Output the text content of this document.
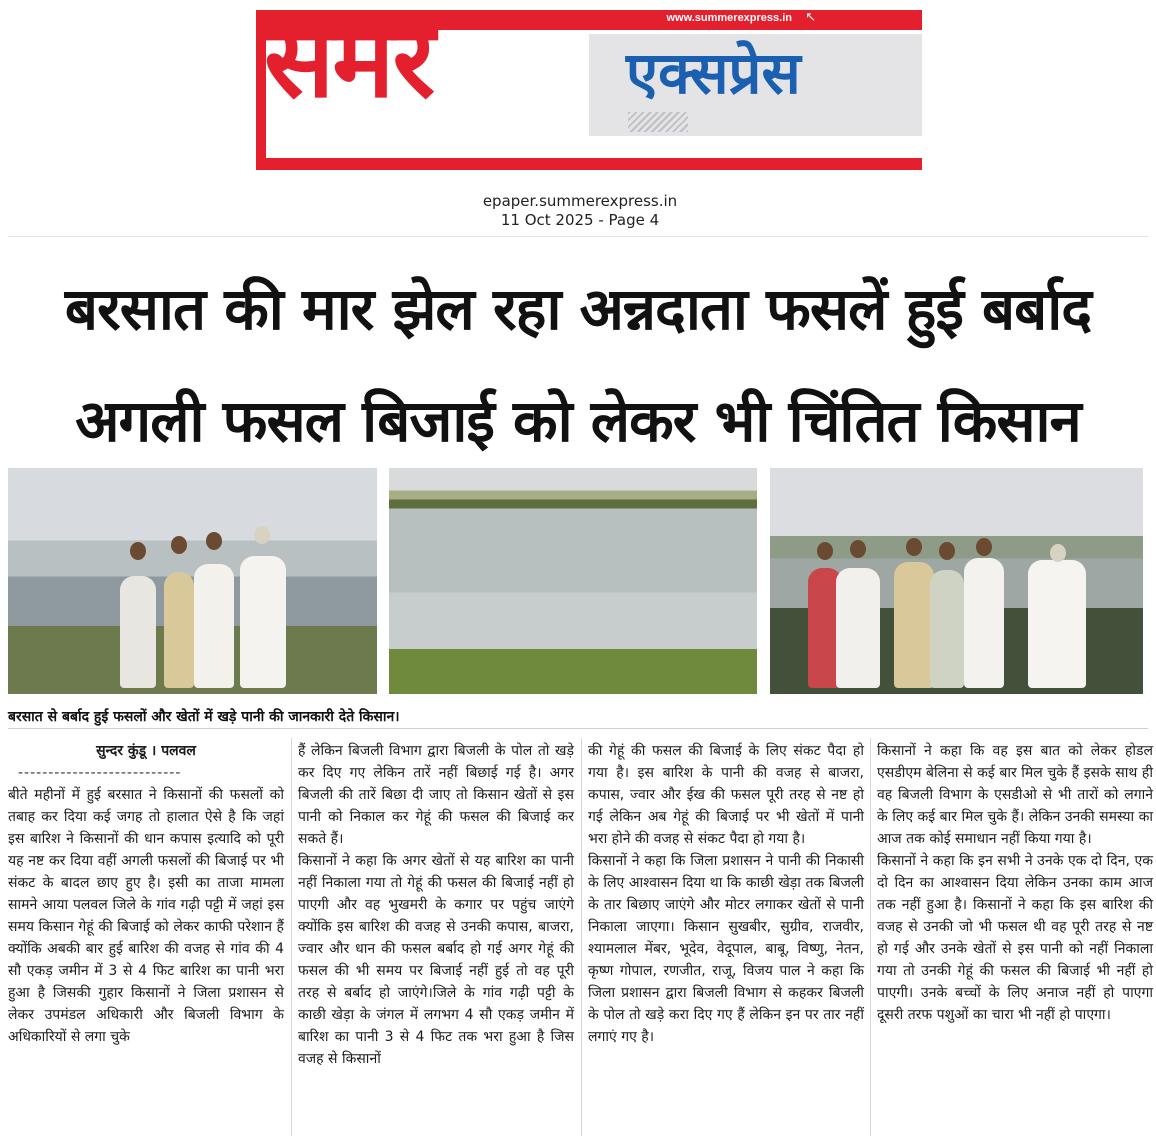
www.summerexpress.in ↖
समर	एक्सप्रेस
epaper.summerexpress.in
11 Oct 2025 - Page 4
बरसात की मार झेल रहा अन्नदाता फसलें हुई बर्बाद
अगली फसल बिजाई को लेकर भी चिंतित किसान
बरसात से बर्बाद हुई फसलों और खेतों में खड़े पानी की जानकारी देते किसान।

सुन्दर कुंडू । पलवल

---------------------------

बीते महीनों में हुई बरसात ने किसानों की फसलों को तबाह कर दिया कई जगह तो हालात ऐसे है कि जहां इस बारिश ने किसानों की धान कपास इत्यादि को पूरी यह नष्ट कर दिया वहीं अगली फसलों की बिजाई पर भी संकट के बादल छाए हुए है। इसी का ताजा मामला सामने आया पलवल जिले के गांव गढ़ी पट्टी में जहां इस समय किसान गेहूं की बिजाई को लेकर काफी परेशान हैं क्योंकि अबकी बार हुई बारिश की वजह से गांव की 4 सौ एकड़ जमीन में 3 से 4 फिट बारिश का पानी भरा हुआ है जिसकी गुहार किसानों ने जिला प्रशासन से लेकर उपमंडल अधिकारी और बिजली विभाग के अधिकारियों से लगा चुके

हैं लेकिन बिजली विभाग द्वारा बिजली के पोल तो खड़े कर दिए गए लेकिन तारें नहीं बिछाई गई है। अगर बिजली की तारें बिछा दी जाए तो किसान खेतों से इस पानी को निकाल कर गेहूं की फसल की बिजाई कर सकते हैं।

किसानों ने कहा कि अगर खेतों से यह बारिश का पानी नहीं निकाला गया तो गेहूं की फसल की बिजाई नहीं हो पाएगी और वह भुखमरी के कगार पर पहुंच जाएंगे क्योंकि इस बारिश की वजह से उनकी कपास, बाजरा, ज्वार और धान की फसल बर्बाद हो गई अगर गेहूं की फसल की भी समय पर बिजाई नहीं हुई तो वह पूरी तरह से बर्बाद हो जाएंगे।जिले के गांव गढ़ी पट्टी के काछी खेड़ा के जंगल में लगभग 4 सौ एकड़ जमीन में बारिश का पानी 3 से 4 फिट तक भरा हुआ है जिस वजह से किसानों

की गेहूं की फसल की बिजाई के लिए संकट पैदा हो गया है। इस बारिश के पानी की वजह से बाजरा, कपास, ज्वार और ईख की फसल पूरी तरह से नष्ट हो गई लेकिन अब गेहूं की बिजाई पर भी खेतों में पानी भरा होने की वजह से संकट पैदा हो गया है।

किसानों ने कहा कि जिला प्रशासन ने पानी की निकासी के लिए आश्वासन दिया था कि काछी खेड़ा तक बिजली के तार बिछाए जाएंगे और मोटर लगाकर खेतों से पानी निकाला जाएगा। किसान सुखबीर, सुग्रीव, राजवीर, श्यामलाल मेंबर, भूदेव, वेदूपाल, बाबू, विष्णु, नेतन, कृष्ण गोपाल, रणजीत, राजू, विजय पाल ने कहा कि जिला प्रशासन द्वारा बिजली विभाग से कहकर बिजली के पोल तो खड़े करा दिए गए हैं लेकिन इन पर तार नहीं लगाएं गए है।

किसानों ने कहा कि वह इस बात को लेकर होडल एसडीएम बेलिना से कई बार मिल चुके हैं इसके साथ ही वह बिजली विभाग के एसडीओ से भी तारों को लगाने के लिए कई बार मिल चुके हैं। लेकिन उनकी समस्या का आज तक कोई समाधान नहीं किया गया है।

किसानों ने कहा कि इन सभी ने उनके एक दो दिन, एक दो दिन का आश्वासन दिया लेकिन उनका काम आज तक नहीं हुआ है। किसानों ने कहा कि इस बारिश की वजह से उनकी जो भी फसल थी वह पूरी तरह से नष्ट हो गई और उनके खेतों से इस पानी को नहीं निकाला गया तो उनकी गेहूं की फसल की बिजाई भी नहीं हो पाएगी। उनके बच्चों के लिए अनाज नहीं हो पाएगा दूसरी तरफ पशुओं का चारा भी नहीं हो पाएगा।
